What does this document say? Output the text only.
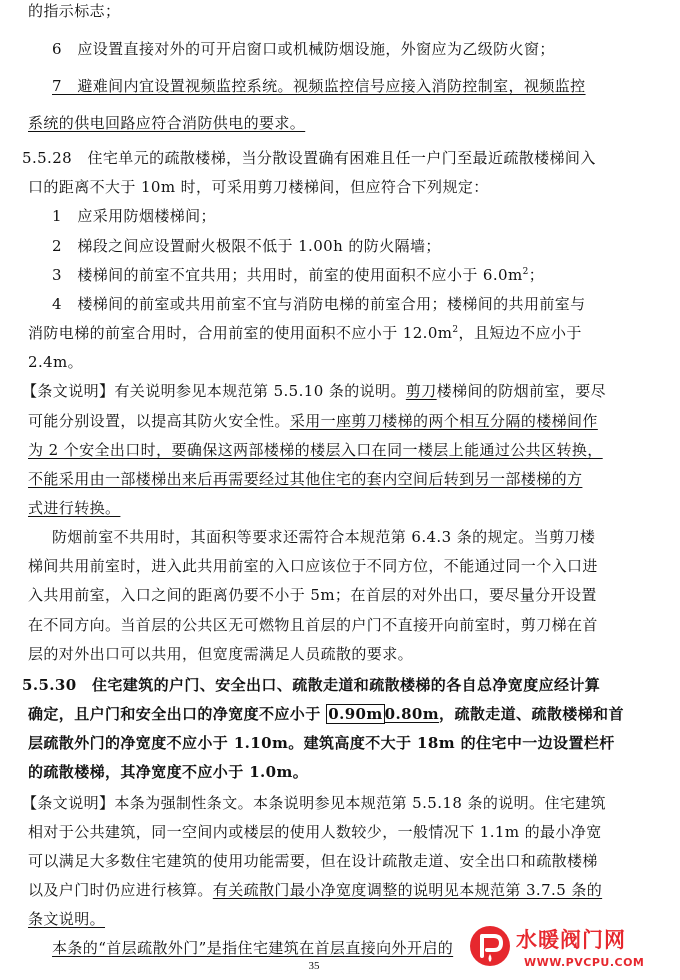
的指示标志；
6　应设置直接对外的可开启窗口或机械防烟设施，外窗应为乙级防火窗；
7　避难间内宜设置视频监控系统。视频监控信号应接入消防控制室，视频监控
系统的供电回路应符合消防供电的要求。
5.5.28　住宅单元的疏散楼梯，当分散设置确有困难且任一户门至最近疏散楼梯间入
口的距离不大于 10m 时，可采用剪刀楼梯间，但应符合下列规定：
1　应采用防烟楼梯间；
2　梯段之间应设置耐火极限不低于 1.00h 的防火隔墙；
3　楼梯间的前室不宜共用；共用时，前室的使用面积不应小于 $6.0m^2$；
4　楼梯间的前室或共用前室不宜与消防电梯的前室合用；楼梯间的共用前室与
消防电梯的前室合用时，合用前室的使用面积不应小于 $12.0m^2$，且短边不应小于
2.4m。
【条文说明】有关说明参见本规范第 5.5.10 条的说明。剪刀楼梯间的防烟前室，要尽
可能分别设置，以提高其防火安全性。采用一座剪刀楼梯的两个相互分隔的楼梯间作
为 2 个安全出口时，要确保这两部楼梯的楼层入口在同一楼层上能通过公共区转换，
不能采用由一部楼梯出来后再需要经过其他住宅的套内空间后转到另一部楼梯的方
式进行转换。
防烟前室不共用时，其面积等要求还需符合本规范第 6.4.3 条的规定。当剪刀楼
梯间共用前室时，进入此共用前室的入口应该位于不同方位，不能通过同一个入口进
入共用前室，入口之间的距离仍要不小于 5m；在首层的对外出口，要尽量分开设置
在不同方向。当首层的公共区无可燃物且首层的户门不直接开向前室时，剪刀梯在首
层的对外出口可以共用，但宽度需满足人员疏散的要求。
5.5.30　住宅建筑的户门、安全出口、疏散走道和疏散楼梯的各自总净宽度应经计算
确定，且户门和安全出口的净宽度不应小于 0.90m 0.80m，疏散走道、疏散楼梯和首
层疏散外门的净宽度不应小于 1.10m。建筑高度不大于 18m 的住宅中一边设置栏杆
的疏散楼梯，其净宽度不应小于 1.0m。
【条文说明】本条为强制性条文。本条说明参见本规范第 5.5.18 条的说明。住宅建筑
相对于公共建筑，同一空间内或楼层的使用人数较少，一般情况下 1.1m 的最小净宽
可以满足大多数住宅建筑的使用功能需要，但在设计疏散走道、安全出口和疏散楼梯
以及户门时仍应进行核算。有关疏散门最小净宽度调整的说明见本规范第 3.7.5 条的
条文说明。
本条的“首层疏散外门”是指住宅建筑在首层直接向外开启的
35
水暖阀门网
WWW.PVCPU.COM
